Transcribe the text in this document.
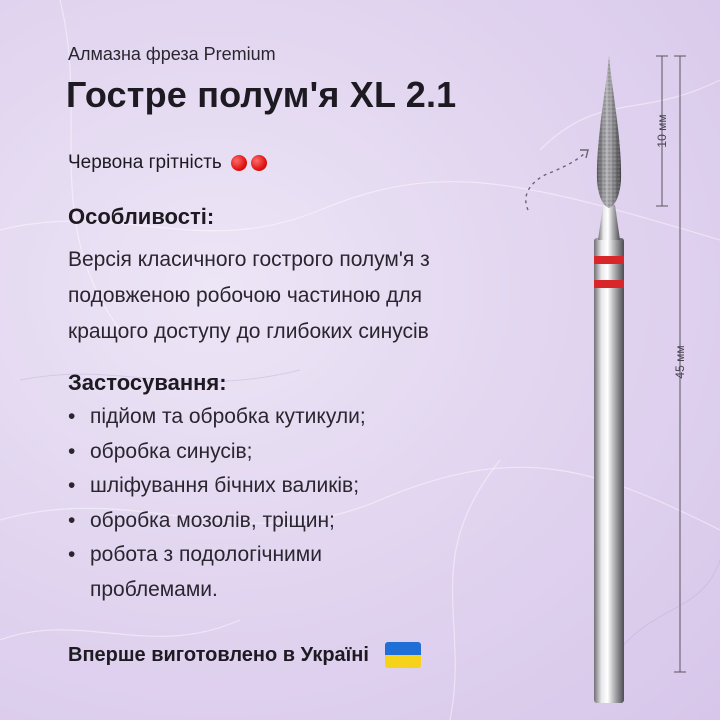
Алмазна фреза Premium
Гостре полум'я XL 2.1
Червона грітність
Особливості:
Версія класичного гострого полум'я з
подовженою робочою частиною для
кращого доступу до глибоких синусів
Застосування:
• підйом та обробка кутикули;
• обробка синусів;
• шліфування бічних валиків;
• обробка мозолів, тріщин;
• робота з подологічними
проблемами.
Вперше виготовлено в Україні
10 мм
45 мм
